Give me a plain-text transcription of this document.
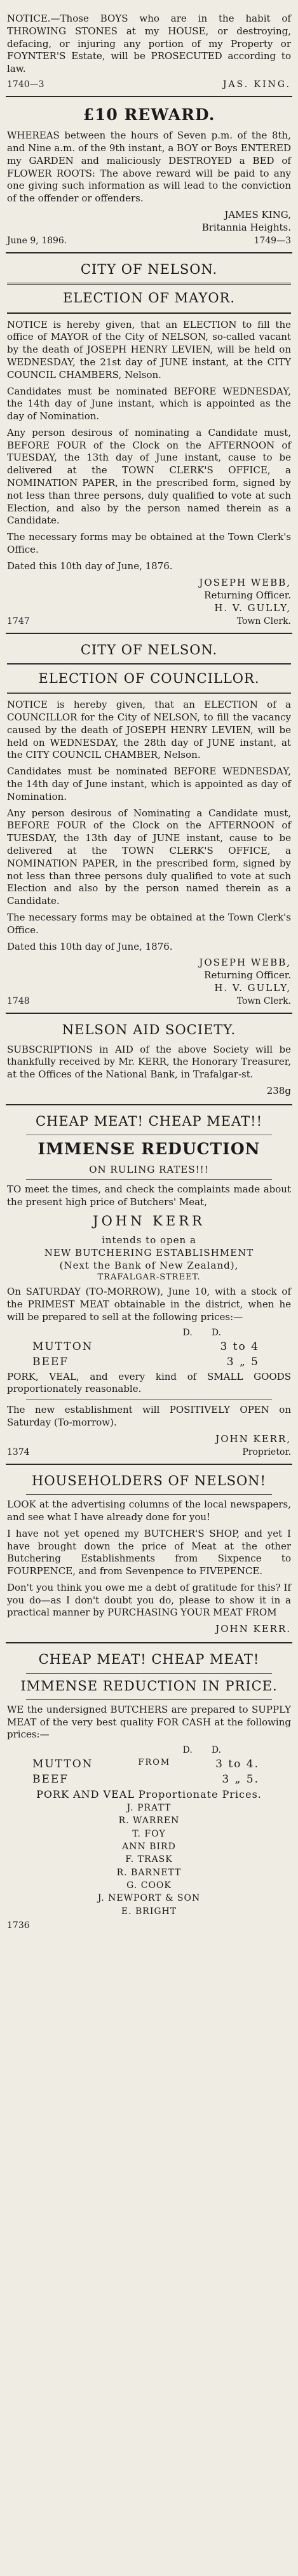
NOTICE.—Those BOYS who are in the habit of THROWING STONES at my HOUSE, or destroying, defacing, or injuring any portion of my Property or FOYNTER'S Estate, will be PROSECUTED according to law.

1740—3	JAS. KING.
£10 REWARD.

WHEREAS between the hours of Seven p.m. of the 8th, and Nine a.m. of the 9th instant, a BOY or Boys ENTERED my GARDEN and maliciously DESTROYED a BED of FLOWER ROOTS: The above reward will be paid to any one giving such information as will lead to the conviction of the offender or offenders.

JAMES KING,
Britannia Heights.
June 9, 1896.	1749—3
CITY OF NELSON.
ELECTION OF MAYOR.

NOTICE is hereby given, that an ELECTION to fill the office of MAYOR of the City of NELSON, so-called vacant by the death of JOSEPH HENRY LEVIEN, will be held on WEDNESDAY, the 21st day of JUNE instant, at the CITY COUNCIL CHAMBERS, Nelson.

Candidates must be nominated BEFORE WEDNESDAY, the 14th day of June instant, which is appointed as the day of Nomination.

Any person desirous of nominating a Candidate must, BEFORE FOUR of the Clock on the AFTERNOON of TUESDAY, the 13th day of June instant, cause to be delivered at the TOWN CLERK'S OFFICE, a NOMINATION PAPER, in the prescribed form, signed by not less than three persons, duly qualified to vote at such Election, and also by the person named therein as a Candidate.

The necessary forms may be obtained at the Town Clerk's Office.

Dated this 10th day of June, 1876.

JOSEPH WEBB,
Returning Officer.
H. V. GULLY,
1747	Town Clerk.
CITY OF NELSON.
ELECTION OF COUNCILLOR.

NOTICE is hereby given, that an ELECTION of a COUNCILLOR for the City of NELSON, to fill the vacancy caused by the death of JOSEPH HENRY LEVIEN, will be held on WEDNESDAY, the 28th day of JUNE instant, at the CITY COUNCIL CHAMBER, Nelson.

Candidates must be nominated BEFORE WEDNESDAY, the 14th day of June instant, which is appointed as day of Nomination.

Any person desirous of Nominating a Candidate must, BEFORE FOUR of the Clock on the AFTERNOON of TUESDAY, the 13th day of JUNE instant, cause to be delivered at the TOWN CLERK'S OFFICE, a NOMINATION PAPER, in the prescribed form, signed by not less than three persons duly qualified to vote at such Election and also by the person named therein as a Candidate.

The necessary forms may be obtained at the Town Clerk's Office.

Dated this 10th day of June, 1876.

JOSEPH WEBB,
Returning Officer.
H. V. GULLY,
1748	Town Clerk.
NELSON AID SOCIETY.

SUBSCRIPTIONS in AID of the above Society will be thankfully received by Mr. KERR, the Honorary Treasurer, at the Offices of the National Bank, in Trafalgar-st.

238g
CHEAP MEAT! CHEAP MEAT!!
IMMENSE REDUCTION
ON RULING RATES!!!

TO meet the times, and check the complaints made about the present high price of Butchers' Meat,

JOHN KERR
intends to open a
NEW BUTCHERING ESTABLISHMENT
(Next the Bank of New Zealand),
TRAFALGAR-STREET.

On SATURDAY (TO-MORROW), June 10, with a stock of the PRIMEST MEAT obtainable in the district, when he will be prepared to sell at the following prices:—

D. D.
MUTTON	3 to 4
BEEF	3 „ 5

PORK, VEAL, and every kind of SMALL GOODS proportionately reasonable.

The new establishment will POSITIVELY OPEN on Saturday (To-morrow).

JOHN KERR,
1374	Proprietor.
HOUSEHOLDERS OF NELSON!

LOOK at the advertising columns of the local newspapers, and see what I have already done for you!

I have not yet opened my BUTCHER'S SHOP, and yet I have brought down the price of Meat at the other Butchering Establishments from Sixpence to FOURPENCE, and from Sevenpence to FIVEPENCE.

Don't you think you owe me a debt of gratitude for this? If you do—as I don't doubt you do, please to show it in a practical manner by PURCHASING YOUR MEAT FROM

JOHN KERR.
CHEAP MEAT! CHEAP MEAT!
IMMENSE REDUCTION IN PRICE.

WE the undersigned BUTCHERS are prepared to SUPPLY MEAT of the very best quality FOR CASH at the following prices:—

D. D.
MUTTON	FROM	3 to 4.
BEEF	3 „ 5.
PORK AND VEAL Proportionate Prices.
J. PRATT
R. WARREN
T. FOY
ANN BIRD
F. TRASK
R. BARNETT
G. COOK
J. NEWPORT & SON
E. BRIGHT
1736
